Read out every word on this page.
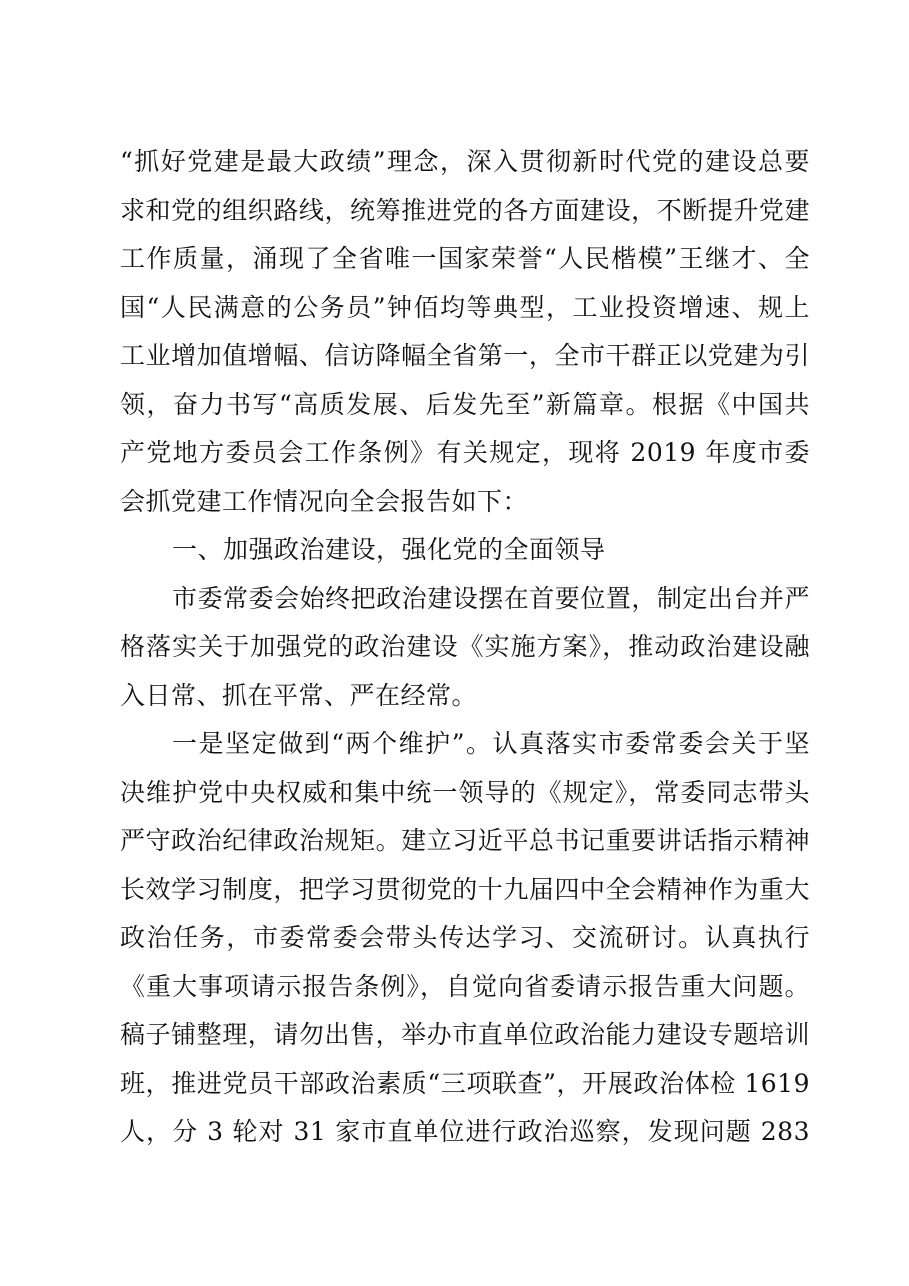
“抓好党建是最大政绩”理念，深入贯彻新时代党的建设总要
求和党的组织路线，统筹推进党的各方面建设，不断提升党建
工作质量，涌现了全省唯一国家荣誉“人民楷模”王继才、全
国“人民满意的公务员”钟佰均等典型，工业投资增速、规上
工业增加值增幅、信访降幅全省第一，全市干群正以党建为引
领，奋力书写“高质发展、后发先至”新篇章。根据《中国共
产党地方委员会工作条例》有关规定，现将 2019 年度市委
会抓党建工作情况向全会报告如下：
一、加强政治建设，强化党的全面领导
市委常委会始终把政治建设摆在首要位置，制定出台并严
格落实关于加强党的政治建设《实施方案》，推动政治建设融
入日常、抓在平常、严在经常。
一是坚定做到“两个维护”。认真落实市委常委会关于坚
决维护党中央权威和集中统一领导的《规定》，常委同志带头
严守政治纪律政治规矩。建立习近平总书记重要讲话指示精神
长效学习制度，把学习贯彻党的十九届四中全会精神作为重大
政治任务，市委常委会带头传达学习、交流研讨。认真执行
《重大事项请示报告条例》，自觉向省委请示报告重大问题。
稿子铺整理，请勿出售，举办市直单位政治能力建设专题培训
班，推进党员干部政治素质“三项联查”，开展政治体检 1619
人，分 3 轮对 31 家市直单位进行政治巡察，发现问题 283
